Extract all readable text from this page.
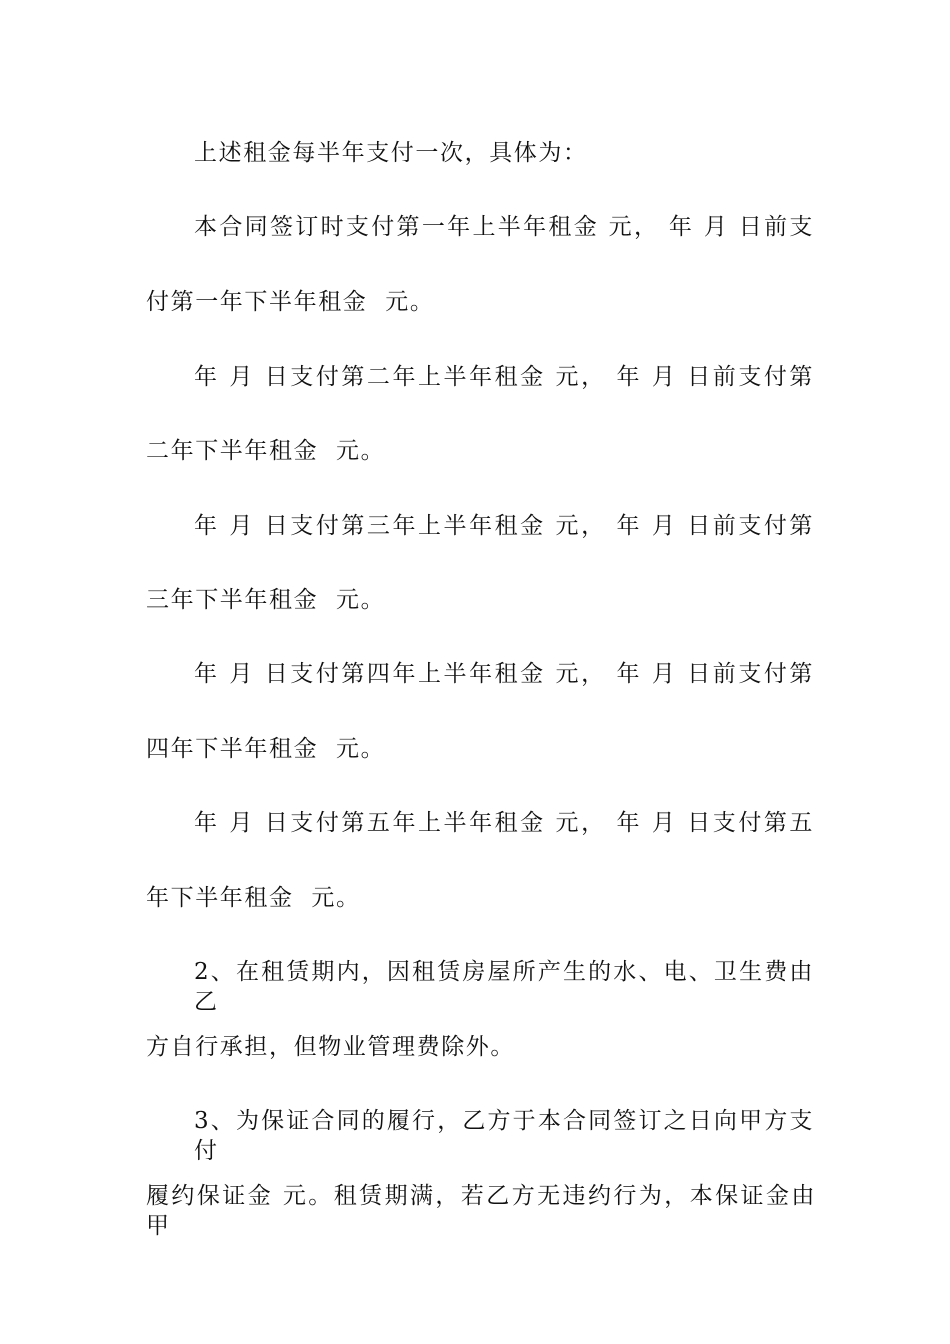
上述租金每半年支付一次，具体为：
本合同签订时支付第一年上半年租金 元， 年 月 日前支
付第一年下半年租金  元。
年 月 日支付第二年上半年租金 元， 年 月 日前支付第
二年下半年租金  元。
年 月 日支付第三年上半年租金 元， 年 月 日前支付第
三年下半年租金  元。
年 月 日支付第四年上半年租金 元， 年 月 日前支付第
四年下半年租金  元。
年 月 日支付第五年上半年租金 元， 年 月 日支付第五
年下半年租金  元。
2、在租赁期内，因租赁房屋所产生的水、电、卫生费由乙
方自行承担，但物业管理费除外。
3、为保证合同的履行，乙方于本合同签订之日向甲方支付
履约保证金 元。租赁期满，若乙方无违约行为，本保证金由甲
